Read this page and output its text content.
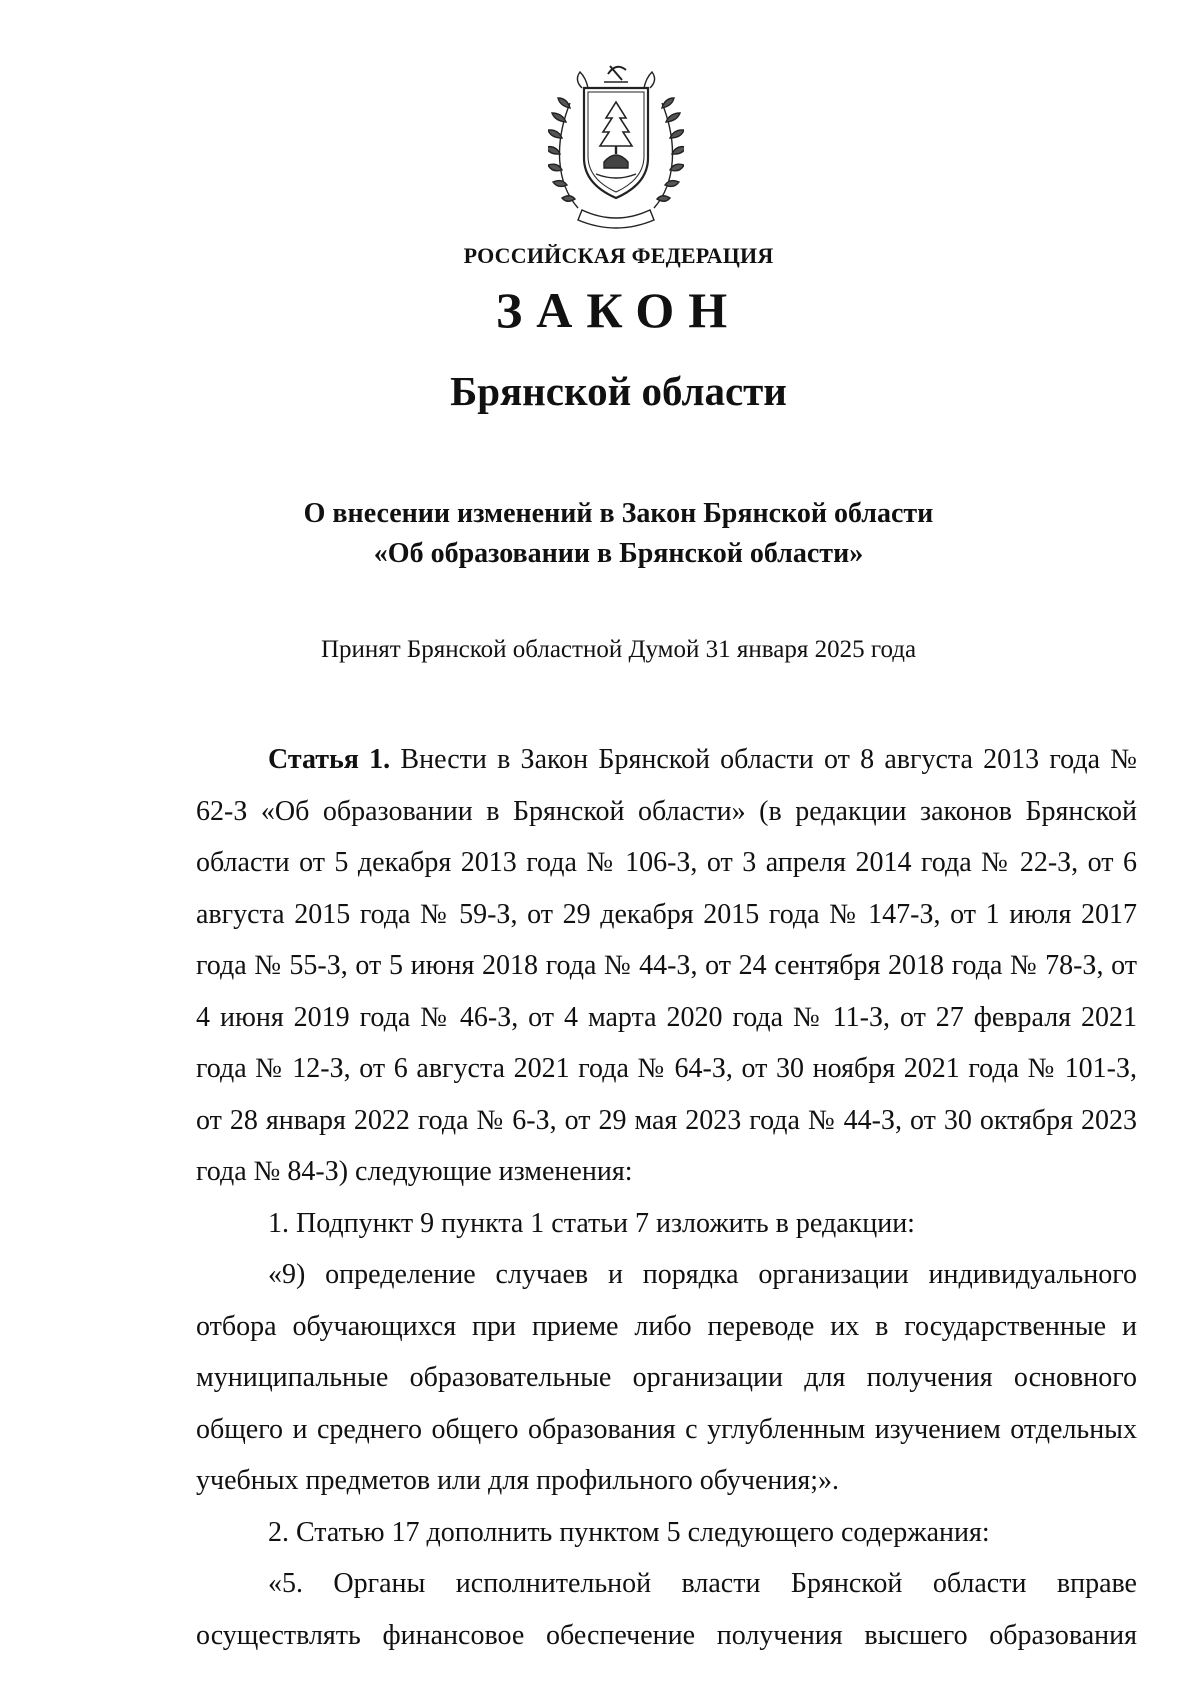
РОССИЙСКАЯ ФЕДЕРАЦИЯ
ЗАКОН
Брянской области
О внесении изменений в Закон Брянской области
«Об образовании в Брянской области»
Принят Брянской областной Думой 31 января 2025 года

Статья 1. Внести в Закон Брянской области от 8 августа 2013 года № 62-З «Об образовании в Брянской области» (в редакции законов Брянской области от 5 декабря 2013 года № 106-З, от 3 апреля 2014 года № 22-З, от 6 августа 2015 года № 59-З, от 29 декабря 2015 года № 147-З, от 1 июля 2017 года № 55-З, от 5 июня 2018 года № 44-З, от 24 сентября 2018 года № 78-З, от 4 июня 2019 года № 46-З, от 4 марта 2020 года № 11-З, от 27 февраля 2021 года № 12-З, от 6 августа 2021 года № 64-З, от 30 ноября 2021 года № 101-З, от 28 января 2022 года № 6-З, от 29 мая 2023 года № 44-З, от 30 октября 2023 года № 84-З) следующие изменения:

1. Подпункт 9 пункта 1 статьи 7 изложить в редакции:

«9) определение случаев и порядка организации индивидуального отбора обучающихся при приеме либо переводе их в государственные и муниципальные образовательные организации для получения основного общего и среднего общего образования с углубленным изучением отдельных учебных предметов или для профильного обучения;».

2. Статью 17 дополнить пунктом 5 следующего содержания:

«5. Органы исполнительной власти Брянской области вправе осуществлять финансовое обеспечение получения высшего образования
